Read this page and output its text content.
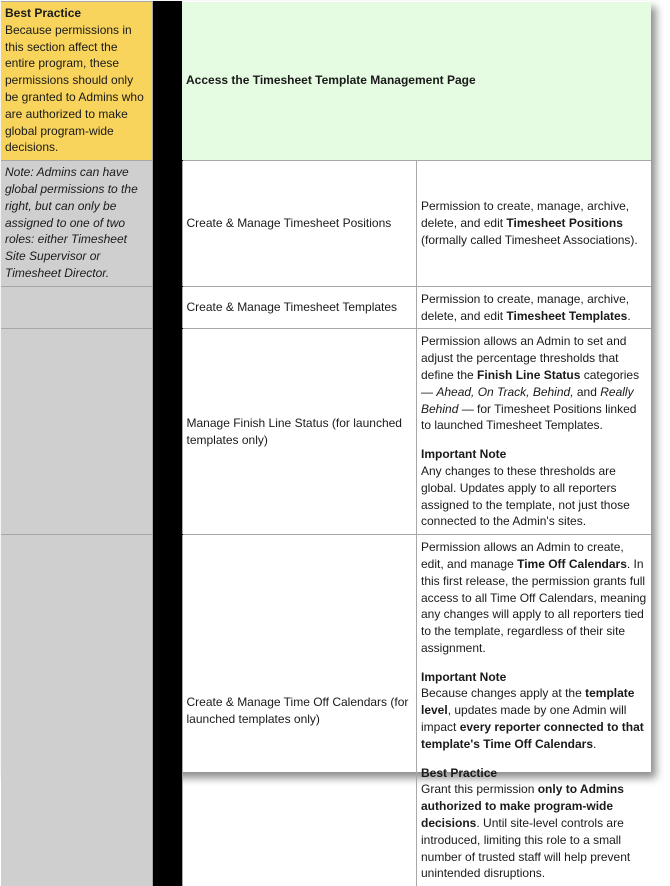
Best Practice
Because permissions in this section affect the entire program, these permissions should only be granted to Admins who are authorized to make global program-wide decisions.		Access the Timesheet Template Management Page	
Note: Admins can have global permissions to the right, but can only be assigned to one of two roles: either Timesheet Site Supervisor or Timesheet Director.		Create & Manage Timesheet Positions	Permission to create, manage, archive, delete, and edit Timesheet Positions (formally called Timesheet Associations).
		Create & Manage Timesheet Templates	Permission to create, manage, archive, delete, and edit Timesheet Templates.
		Manage Finish Line Status (for launched templates only)	Permission allows an Admin to set and adjust the percentage thresholds that define the Finish Line Status categories — Ahead, On Track, Behind, and Really Behind — for Timesheet Positions linked to launched Timesheet Templates.

Important Note

Any changes to these thresholds are global. Updates apply to all reporters assigned to the template, not just those connected to the Admin's sites.

		Create & Manage Time Off Calendars (for launched templates only)	Permission allows an Admin to create, edit, and manage Time Off Calendars. In this first release, the permission grants full access to all Time Off Calendars, meaning any changes will apply to all reporters tied to the template, regardless of their site assignment.

Important Note

Because changes apply at the template level, updates made by one Admin will impact every reporter connected to that template's Time Off Calendars.

Best Practice

Grant this permission only to Admins authorized to make program-wide decisions. Until site-level controls are introduced, limiting this role to a small number of trusted staff will help prevent unintended disruptions.
